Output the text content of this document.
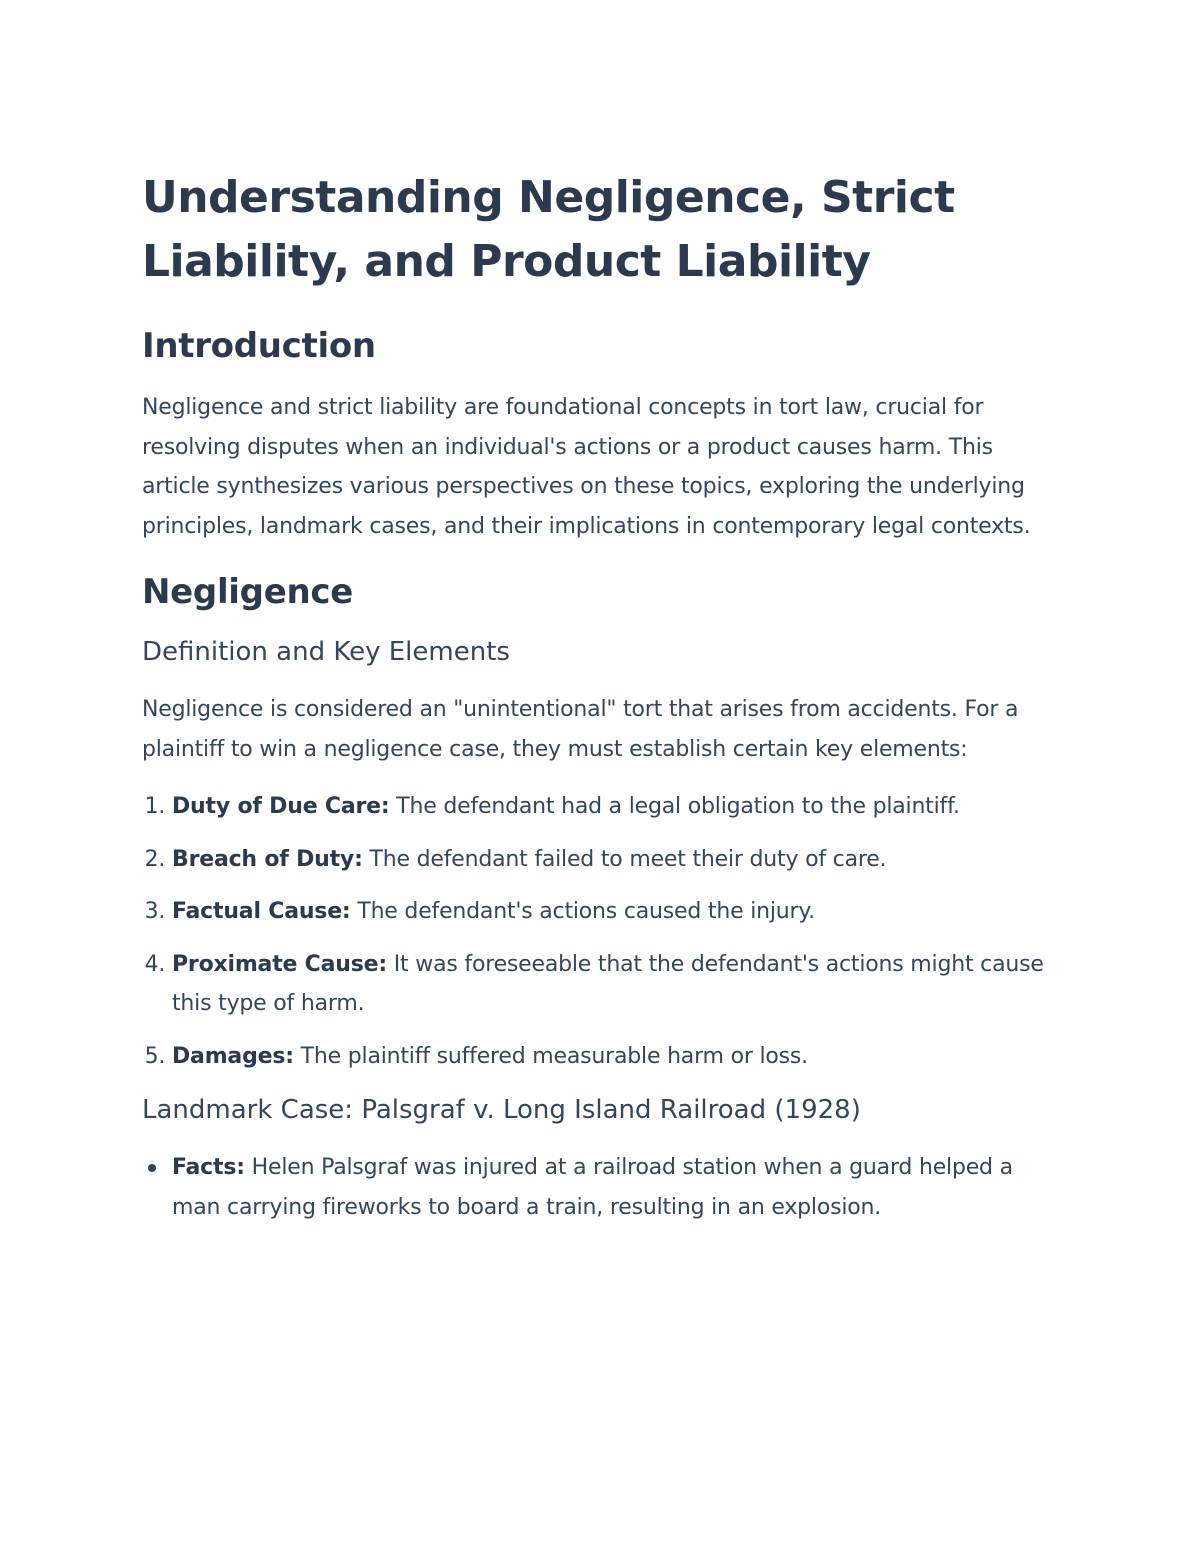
Understanding Negligence, Strict Liability, and Product Liability
Introduction

Negligence and strict liability are foundational concepts in tort law, crucial for resolving disputes when an individual's actions or a product causes harm. This article synthesizes various perspectives on these topics, exploring the underlying principles, landmark cases, and their implications in contemporary legal contexts.

Negligence
Definition and Key Elements

Negligence is considered an "unintentional" tort that arises from accidents. For a plaintiff to win a negligence case, they must establish certain key elements:

1. Duty of Due Care: The defendant had a legal obligation to the plaintiff.
2. Breach of Duty: The defendant failed to meet their duty of care.
3. Factual Cause: The defendant's actions caused the injury.
4. Proximate Cause: It was foreseeable that the defendant's actions might cause this type of harm.
5. Damages: The plaintiff suffered measurable harm or loss.
Landmark Case: Palsgraf v. Long Island Railroad (1928)
Facts: Helen Palsgraf was injured at a railroad station when a guard helped a man carrying fireworks to board a train, resulting in an explosion.
